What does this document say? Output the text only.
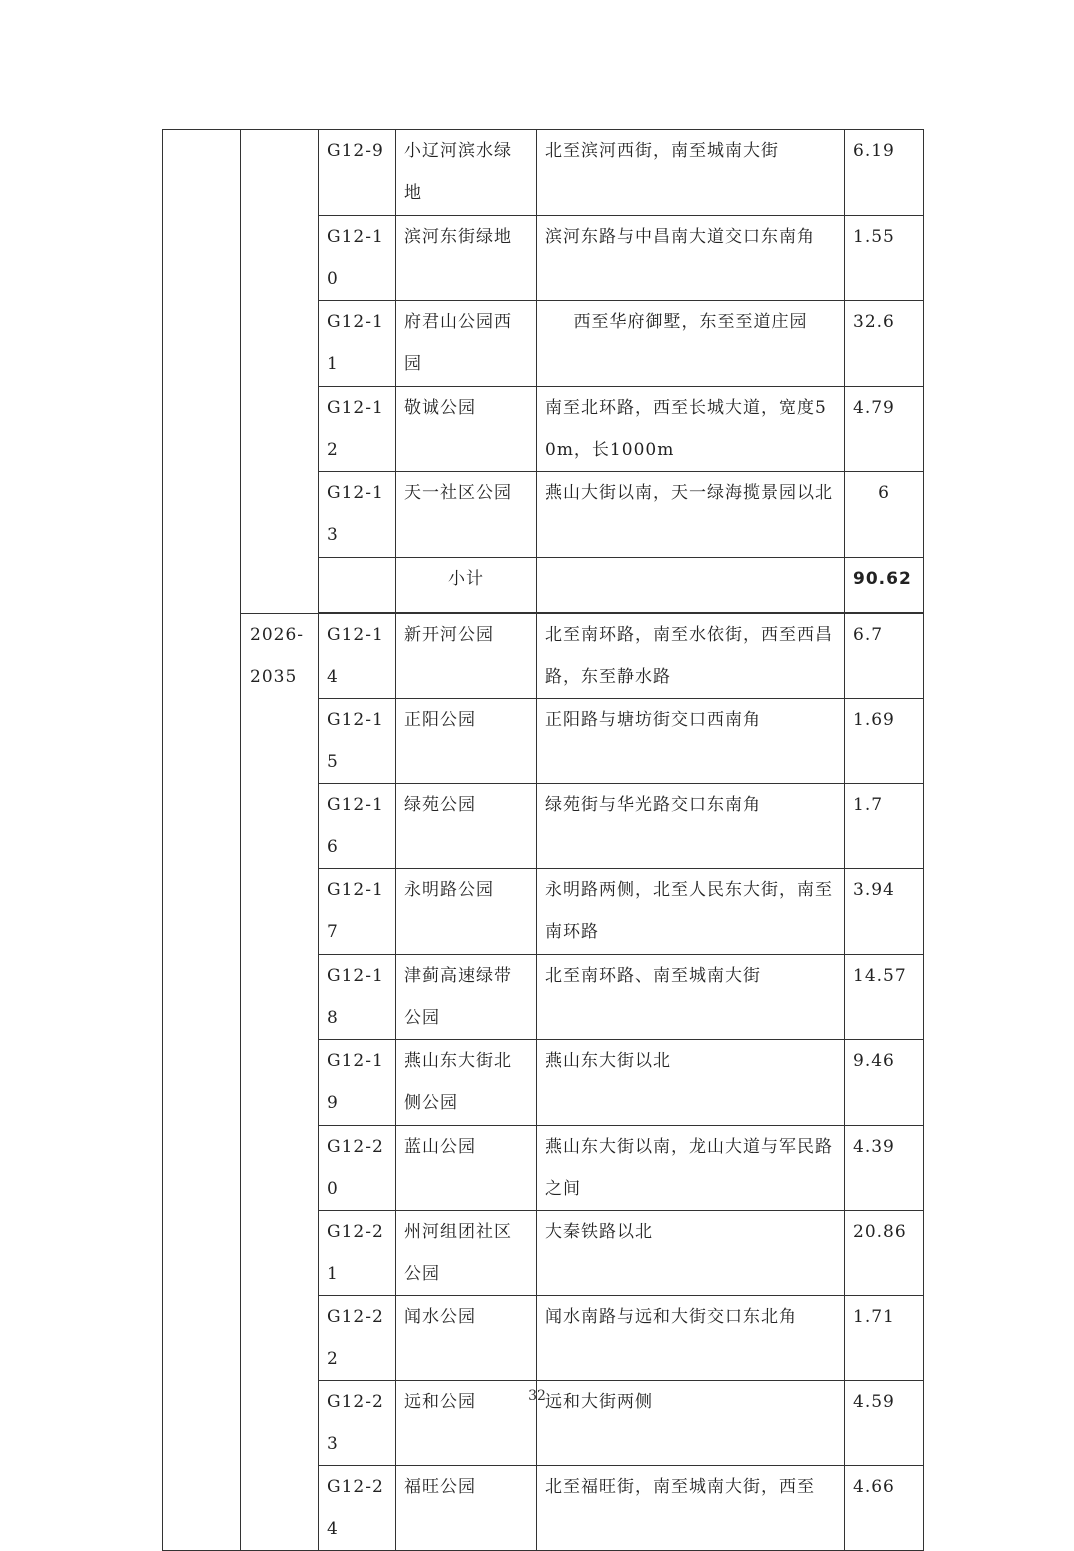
		G12-9	小辽河滨水绿地	北至滨河西街，南至城南大街	6.19
		G12-10	滨河东街绿地	滨河东路与中昌南大道交口东南角	1.55
		G12-11	府君山公园西园	西至华府御墅，东至至道庄园	32.6
		G12-12	敬诚公园	南至北环路，西至长城大道，宽度50m，长1000m	4.79
		G12-13	天一社区公园	燕山大街以南，天一绿海揽景园以北	6
			小计		90.62

	2026-2035	G12-14	新开河公园	北至南环路，南至水依街，西至西昌路，东至静水路	6.7
		G12-15	正阳公园	正阳路与塘坊街交口西南角	1.69
		G12-16	绿苑公园	绿苑街与华光路交口东南角	1.7
		G12-17	永明路公园	永明路两侧，北至人民东大街，南至南环路	3.94
		G12-18	津蓟高速绿带公园	北至南环路、南至城南大街	14.57
		G12-19	燕山东大街北侧公园	燕山东大街以北	9.46
		G12-20	蓝山公园	燕山东大街以南，龙山大道与军民路之间	4.39
		G12-21	州河组团社区公园	大秦铁路以北	20.86
		G12-22	闻水公园	闻水南路与远和大街交口东北角	1.71
		G12-23	远和公园	远和大街两侧	4.59
		G12-24	福旺公园	北至福旺街，南至城南大街，西至	4.66
32
